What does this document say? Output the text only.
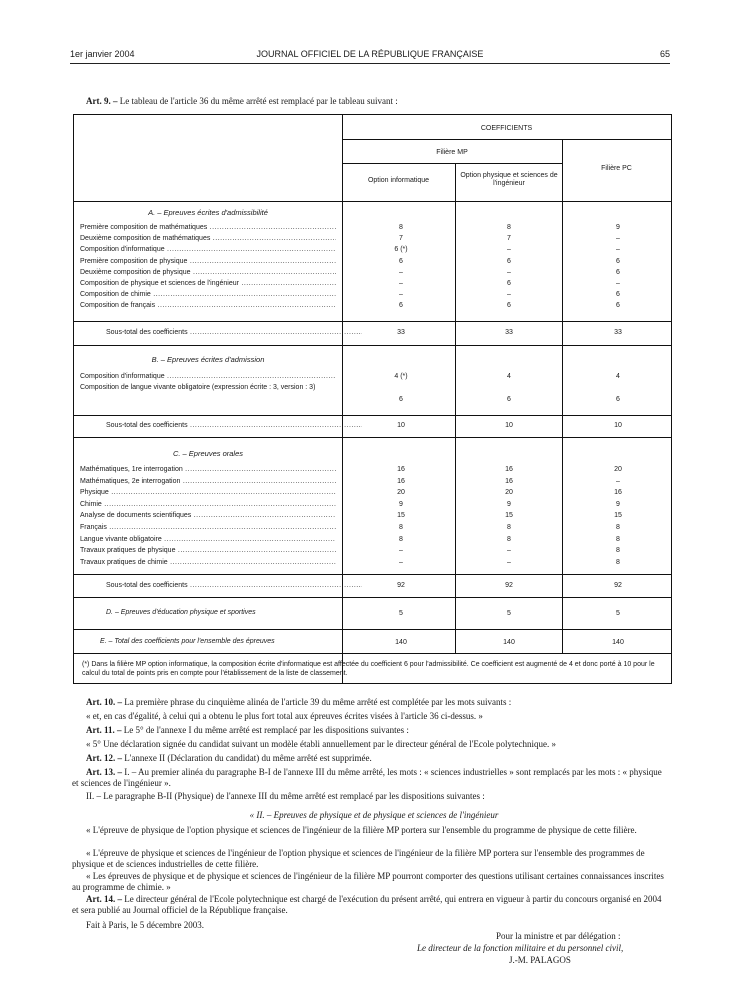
1er janvier 2004	JOURNAL OFFICIEL DE LA RÉPUBLIQUE FRANÇAISE	65
Art. 9. – Le tableau de l'article 36 du même arrêté est remplacé par le tableau suivant :
COEFFICIENTS
Filière MP
Option informatique
Option physique et sciences de l'ingénieur
Filière PC
A. – Epreuves écrites d'admissibilité
Première composition de mathématiques .....	8	8	9
Deuxième composition de mathématiques .....	7	7	–
Composition d'informatique .....	6 (*)	–	–
Première composition de physique .....	6	6	6
Deuxième composition de physique .....	–	–	6
Composition de physique et sciences de l'ingénieur .....	–	6	–
Composition de chimie .....	–	–	6
Composition de français .....	6	6	6
Sous-total des coefficients .....	33	33	33
B. – Epreuves écrites d'admission
Composition d'informatique .....	4 (*)	4	4
Composition de langue vivante obligatoire (expression écrite : 3, version : 3)
6	6	6
Sous-total des coefficients .....	10	10	10
C. – Epreuves orales
Mathématiques, 1re interrogation .....	16	16	20
Mathématiques, 2e interrogation .....	16	16	–
Physique .....	20	20	16
Chimie .....	9	9	9
Analyse de documents scientifiques .....	15	15	15
Français .....	8	8	8
Langue vivante obligatoire .....	8	8	8
Travaux pratiques de physique .....	–	–	8
Travaux pratiques de chimie .....	–	–	8
Sous-total des coefficients .....	92	92	92
D. – Epreuves d'éducation physique et sportives	5	5	5
E. – Total des coefficients pour l'ensemble des épreuves	140	140	140
(*) Dans la filière MP option informatique, la composition écrite d'informatique est affectée du coefficient 6 pour l'admissibilité. Ce coefficient est augmenté de 4 et donc porté à 10 pour le calcul du total de points pris en compte pour l'établissement de la liste de classement.
Art. 10. – La première phrase du cinquième alinéa de l'article 39 du même arrêté est complétée par les mots suivants :
« et, en cas d'égalité, à celui qui a obtenu le plus fort total aux épreuves écrites visées à l'article 36 ci-dessus. »
Art. 11. – Le 5° de l'annexe I du même arrêté est remplacé par les dispositions suivantes :
« 5° Une déclaration signée du candidat suivant un modèle établi annuellement par le directeur général de l'Ecole polytechnique. »
Art. 12. – L'annexe II (Déclaration du candidat) du même arrêté est supprimée.
Art. 13. – I. – Au premier alinéa du paragraphe B-I de l'annexe III du même arrêté, les mots : « sciences industrielles » sont remplacés par les mots : « physique et sciences de l'ingénieur ».
II. – Le paragraphe B-II (Physique) de l'annexe III du même arrêté est remplacé par les dispositions suivantes :
« II. – Epreuves de physique et de physique et sciences de l'ingénieur
« L'épreuve de physique de l'option physique et sciences de l'ingénieur de la filière MP portera sur l'ensemble du programme de physique de cette filière.
« L'épreuve de physique et sciences de l'ingénieur de l'option physique et sciences de l'ingénieur de la filière MP portera sur l'ensemble des programmes de physique et de sciences industrielles de cette filière.
« Les épreuves de physique et de physique et sciences de l'ingénieur de la filière MP pourront comporter des questions utilisant certaines connaissances inscrites au programme de chimie. »
Art. 14. – Le directeur général de l'Ecole polytechnique est chargé de l'exécution du présent arrêté, qui entrera en vigueur à partir du concours organisé en 2004 et sera publié au Journal officiel de la République française.
Fait à Paris, le 5 décembre 2003.
Pour la ministre et par délégation :
Le directeur de la fonction militaire et du personnel civil,
J.-M. PALAGOS
